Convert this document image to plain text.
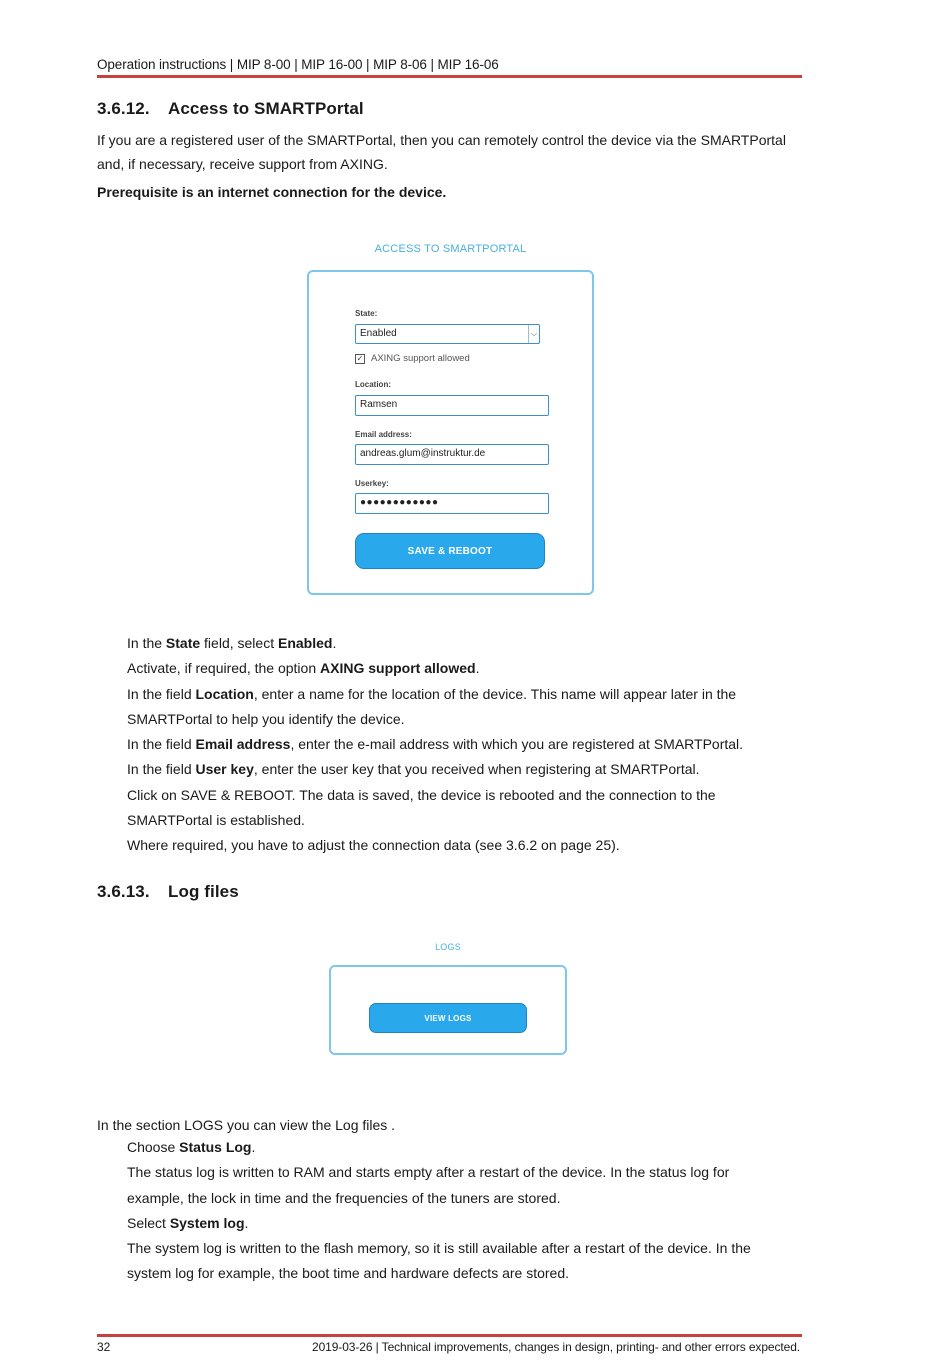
Operation instructions | MIP 8-00 | MIP 16-00 | MIP 8-06 | MIP 16-06
3.6.12. Access to SMARTPortal
If you are a registered user of the SMARTPortal, then you can remotely control the device via the SMARTPortal
and, if necessary, receive support from AXING.
Prerequisite is an internet connection for the device.
ACCESS TO SMARTPORTAL
State:
Enabled	⌵
✓ AXING support allowed
Location:
Ramsen
Email address:
andreas.glum@instruktur.de
Userkey:
●●●●●●●●●●●●
SAVE & REBOOT

In the State field, select Enabled.

Activate, if required, the option AXING support allowed.

In the field Location, enter a name for the location of the device. This name will appear later in the

SMARTPortal to help you identify the device.

In the field Email address, enter the e-mail address with which you are registered at SMARTPortal.

In the field User key, enter the user key that you received when registering at SMARTPortal.

Click on SAVE & REBOOT. The data is saved, the device is rebooted and the connection to the

SMARTPortal is established.

Where required, you have to adjust the connection data (see 3.6.2 on page 25).

3.6.13. Log files
LOGS
VIEW LOGS
In the section LOGS you can view the Log files .

Choose Status Log.

The status log is written to RAM and starts empty after a restart of the device. In the status log for

example, the lock in time and the frequencies of the tuners are stored.

Select System log.

The system log is written to the flash memory, so it is still available after a restart of the device. In the

system log for example, the boot time and hardware defects are stored.

32	2019-03-26 | Technical improvements, changes in design, printing- and other errors expected.
